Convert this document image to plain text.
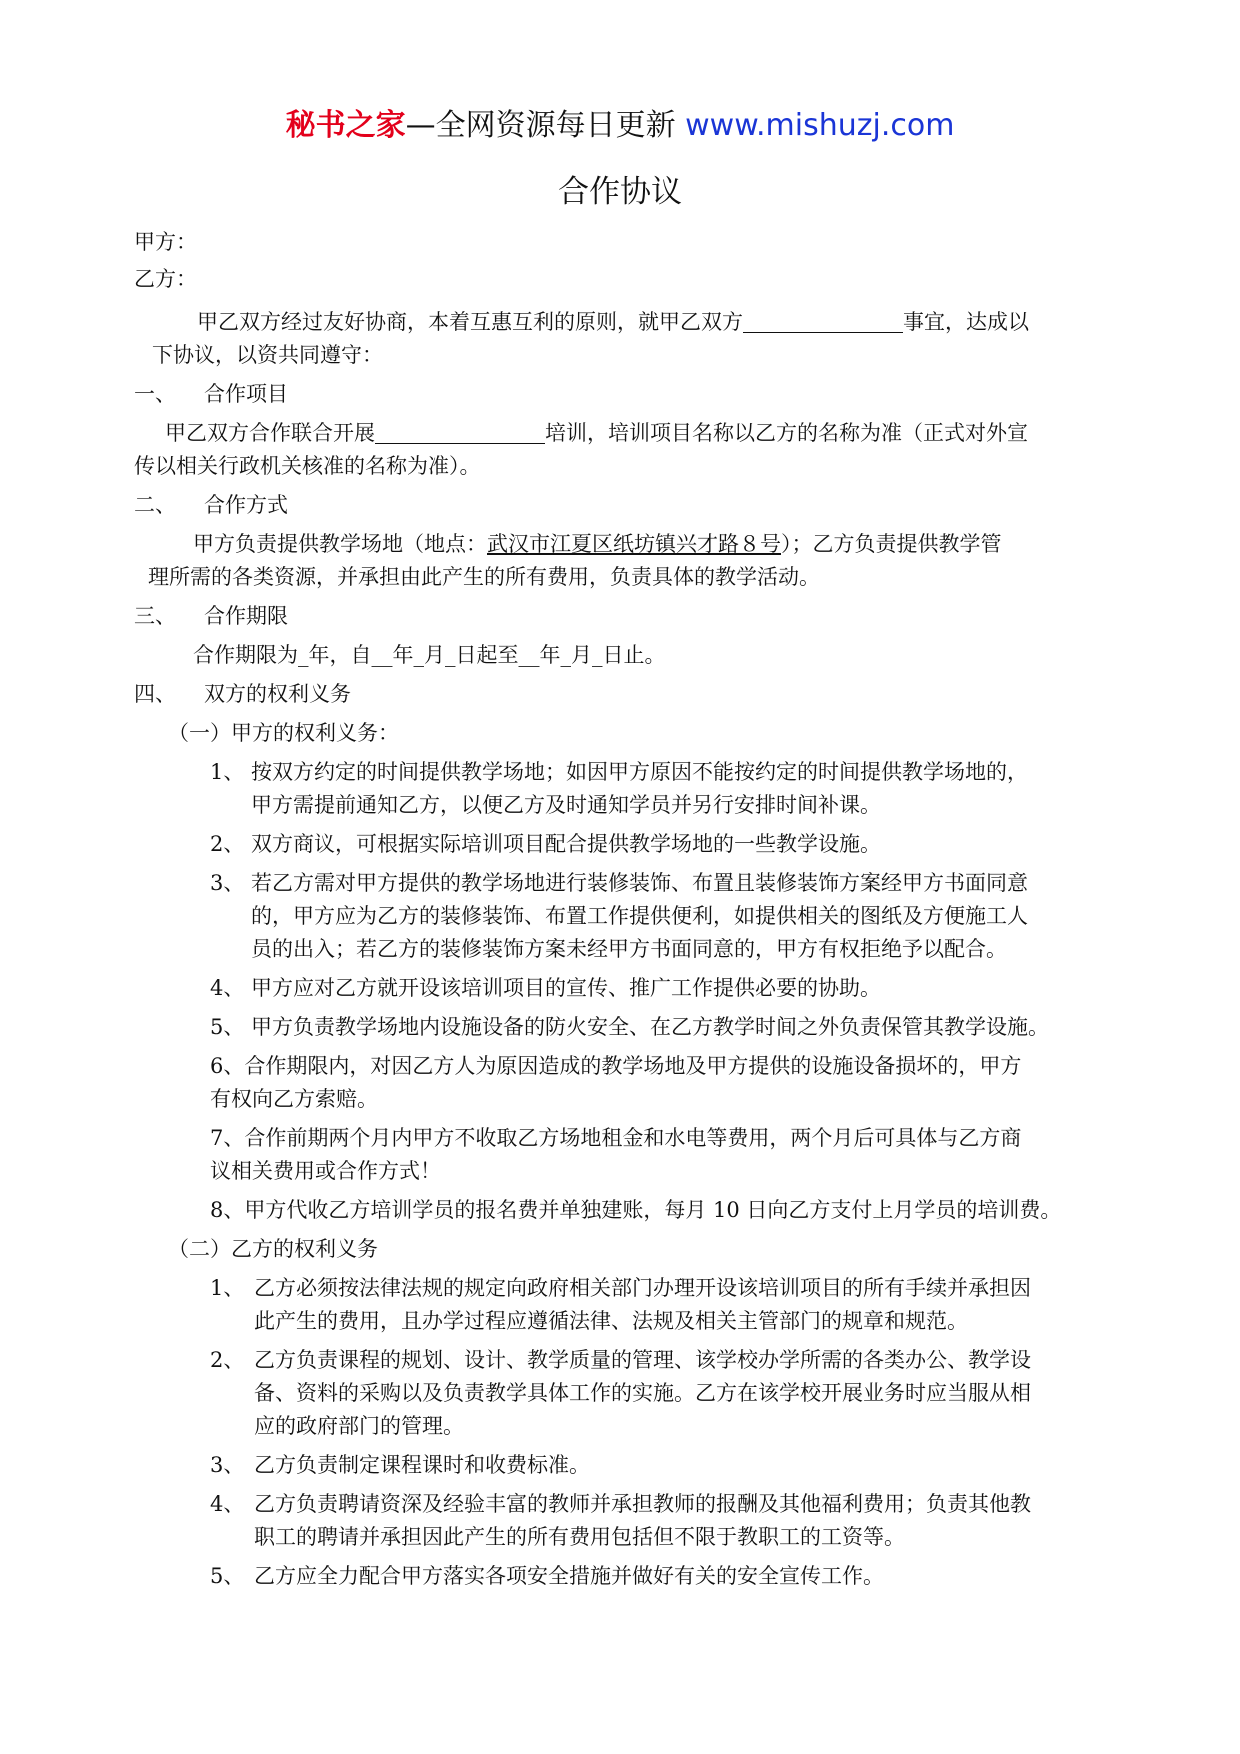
秘书之家—全网资源每日更新 www.mishuzj.com
合作协议
甲方：
乙方：
甲乙双方经过友好协商，本着互惠互利的原则，就甲乙双方	事宜，达成以
下协议，以资共同遵守：
一、 合作项目
甲乙双方合作联合开展	培训，培训项目名称以乙方的名称为准（正式对外宣
传以相关行政机关核准的名称为准）。
二、 合作方式
甲方负责提供教学场地（地点：武汉市江夏区纸坊镇兴才路８号）；乙方负责提供教学管
理所需的各类资源，并承担由此产生的所有费用，负责具体的教学活动。
三、 合作期限
合作期限为_年，自__年_月_日起至__年_月_日止。
四、 双方的权利义务
（一）甲方的权利义务：
1、 按双方约定的时间提供教学场地；如因甲方原因不能按约定的时间提供教学场地的，
甲方需提前通知乙方，以便乙方及时通知学员并另行安排时间补课。
2、 双方商议，可根据实际培训项目配合提供教学场地的一些教学设施。
3、 若乙方需对甲方提供的教学场地进行装修装饰、布置且装修装饰方案经甲方书面同意
的，甲方应为乙方的装修装饰、布置工作提供便利，如提供相关的图纸及方便施工人
员的出入；若乙方的装修装饰方案未经甲方书面同意的，甲方有权拒绝予以配合。
4、 甲方应对乙方就开设该培训项目的宣传、推广工作提供必要的协助。
5、 甲方负责教学场地内设施设备的防火安全、在乙方教学时间之外负责保管其教学设施。
6、合作期限内，对因乙方人为原因造成的教学场地及甲方提供的设施设备损坏的，甲方
有权向乙方索赔。
7、合作前期两个月内甲方不收取乙方场地租金和水电等费用，两个月后可具体与乙方商
议相关费用或合作方式！
8、甲方代收乙方培训学员的报名费并单独建账，每月 10 日向乙方支付上月学员的培训费。
（二）乙方的权利义务
1、 乙方必须按法律法规的规定向政府相关部门办理开设该培训项目的所有手续并承担因
此产生的费用，且办学过程应遵循法律、法规及相关主管部门的规章和规范。
2、 乙方负责课程的规划、设计、教学质量的管理、该学校办学所需的各类办公、教学设
备、资料的采购以及负责教学具体工作的实施。乙方在该学校开展业务时应当服从相
应的政府部门的管理。
3、 乙方负责制定课程课时和收费标准。
4、 乙方负责聘请资深及经验丰富的教师并承担教师的报酬及其他福利费用；负责其他教
职工的聘请并承担因此产生的所有费用包括但不限于教职工的工资等。
5、 乙方应全力配合甲方落实各项安全措施并做好有关的安全宣传工作。
